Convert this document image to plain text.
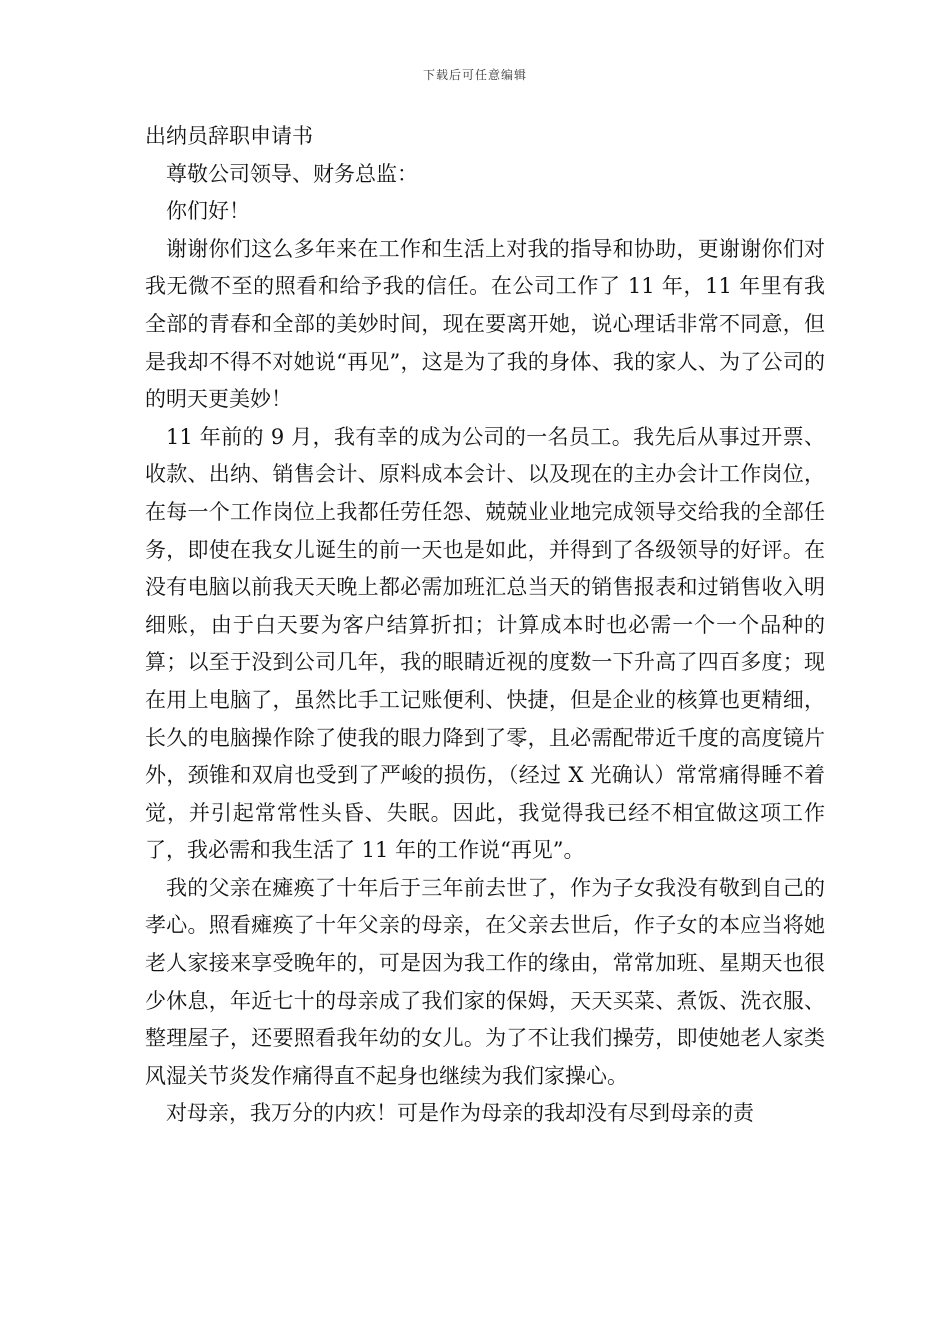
下载后可任意编辑

出纳员辞职申请书

尊敬公司领导、财务总监：

你们好！

谢谢你们这么多年来在工作和生活上对我的指导和协助，更谢谢你们对我无微不至的照看和给予我的信任。在公司工作了 11 年，11 年里有我全部的青春和全部的美妙时间，现在要离开她，说心理话非常不同意，但是我却不得不对她说“再见”，这是为了我的身体、我的家人、为了公司的的明天更美妙！

11 年前的 9 月，我有幸的成为公司的一名员工。我先后从事过开票、收款、出纳、销售会计、原料成本会计、以及现在的主办会计工作岗位，在每一个工作岗位上我都任劳任怨、兢兢业业地完成领导交给我的全部任务，即使在我女儿诞生的前一天也是如此，并得到了各级领导的好评。在没有电脑以前我天天晚上都必需加班汇总当天的销售报表和过销售收入明细账，由于白天要为客户结算折扣；计算成本时也必需一个一个品种的算；以至于没到公司几年，我的眼睛近视的度数一下升高了四百多度；现在用上电脑了，虽然比手工记账便利、快捷，但是企业的核算也更精细，长久的电脑操作除了使我的眼力降到了零，且必需配带近千度的高度镜片外，颈锥和双肩也受到了严峻的损伤，（经过 X 光确认）常常痛得睡不着觉，并引起常常性头昏、失眠。因此，我觉得我已经不相宜做这项工作了，我必需和我生活了 11 年的工作说“再见”。

我的父亲在瘫痪了十年后于三年前去世了，作为子女我没有敬到自己的孝心。照看瘫痪了十年父亲的母亲，在父亲去世后，作子女的本应当将她老人家接来享受晚年的，可是因为我工作的缘由，常常加班、星期天也很少休息，年近七十的母亲成了我们家的保姆，天天买菜、煮饭、洗衣服、整理屋子，还要照看我年幼的女儿。为了不让我们操劳，即使她老人家类风湿关节炎发作痛得直不起身也继续为我们家操心。

对母亲，我万分的内疚！可是作为母亲的我却没有尽到母亲的责
